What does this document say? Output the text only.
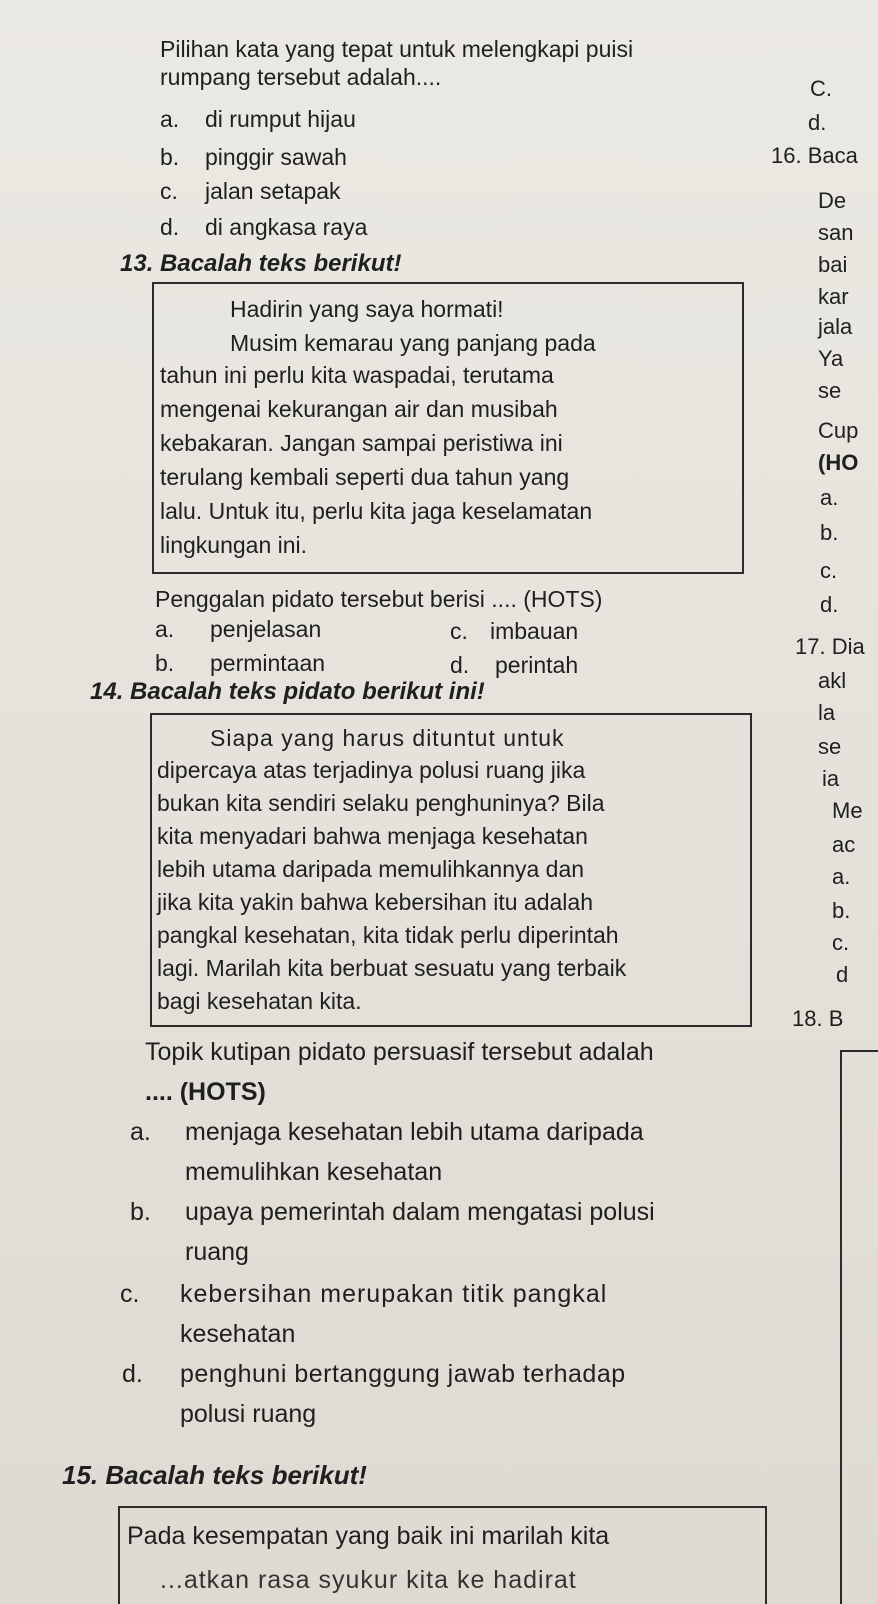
Pilihan kata yang tepat untuk melengkapi puisi
rumpang tersebut adalah....
a. di rumput hijau
b. pinggir sawah
c. jalan setapak
d. di angkasa raya
13. Bacalah teks berikut!
Hadirin yang saya hormati!
Musim kemarau yang panjang pada
tahun ini perlu kita waspadai, terutama
mengenai kekurangan air dan musibah
kebakaran. Jangan sampai peristiwa ini
terulang kembali seperti dua tahun yang
lalu. Untuk itu, perlu kita jaga keselamatan
lingkungan ini.
Penggalan pidato tersebut berisi .... (HOTS)
a. penjelasan
b. permintaan
c. imbauan
d. perintah
14. Bacalah teks pidato berikut ini!
Siapa yang harus dituntut untuk
dipercaya atas terjadinya polusi ruang jika
bukan kita sendiri selaku penghuninya? Bila
kita menyadari bahwa menjaga kesehatan
lebih utama daripada memulihkannya dan
jika kita yakin bahwa kebersihan itu adalah
pangkal kesehatan, kita tidak perlu diperintah
lagi. Marilah kita berbuat sesuatu yang terbaik
bagi kesehatan kita.
Topik kutipan pidato persuasif tersebut adalah
.... (HOTS)
a. menjaga kesehatan lebih utama daripada
memulihkan kesehatan
b. upaya pemerintah dalam mengatasi polusi
ruang
c. kebersihan merupakan titik pangkal
kesehatan
d. penghuni bertanggung jawab terhadap
polusi ruang
15. Bacalah teks berikut!
Pada kesempatan yang baik ini marilah kita
...atkan rasa syukur kita ke hadirat
C.
d.
16. Baca
De
san
bai
kar
jala
Ya
se
Cup
(HO
a.
b.
c.
d.
17. Dia
akl
la
se
ia
Me
ac
a.
b.
c.
d
18. B
